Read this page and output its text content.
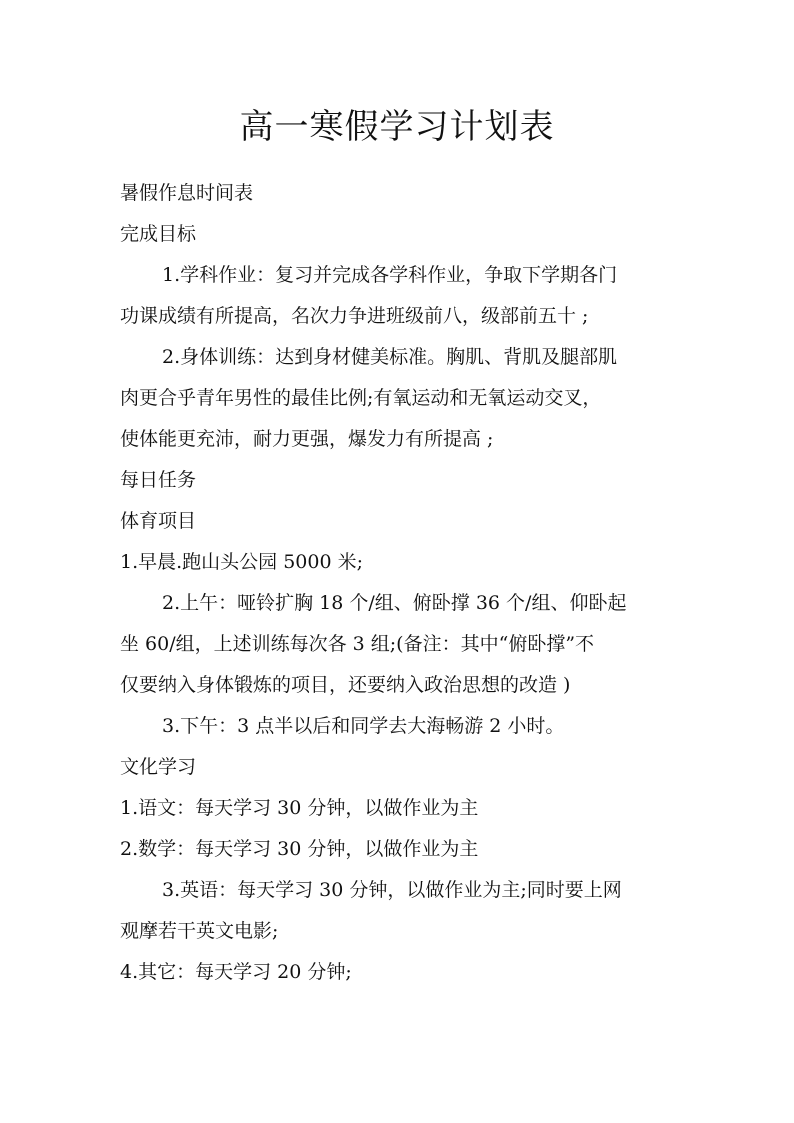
高一寒假学习计划表

暑假作息时间表

完成目标

1.学科作业：复习并完成各学科作业，争取下学期各门

功课成绩有所提高，名次力争进班级前八，级部前五十 ;

2.身体训练：达到身材健美标准。胸肌、背肌及腿部肌

肉更合乎青年男性的最佳比例;有氧运动和无氧运动交叉，

使体能更充沛，耐力更强，爆发力有所提高 ;

每日任务

体育项目

1.早晨.跑山头公园 5000 米;

2.上午：哑铃扩胸 18 个/组、俯卧撑 36 个/组、仰卧起

坐 60/组，上述训练每次各 3 组;(备注：其中“俯卧撑”不

仅要纳入身体锻炼的项目，还要纳入政治思想的改造 )

3.下午：3 点半以后和同学去大海畅游 2 小时。

文化学习

1.语文：每天学习 30 分钟，以做作业为主

2.数学：每天学习 30 分钟，以做作业为主

3.英语：每天学习 30 分钟，以做作业为主;同时要上网

观摩若干英文电影;

4.其它：每天学习 20 分钟;
